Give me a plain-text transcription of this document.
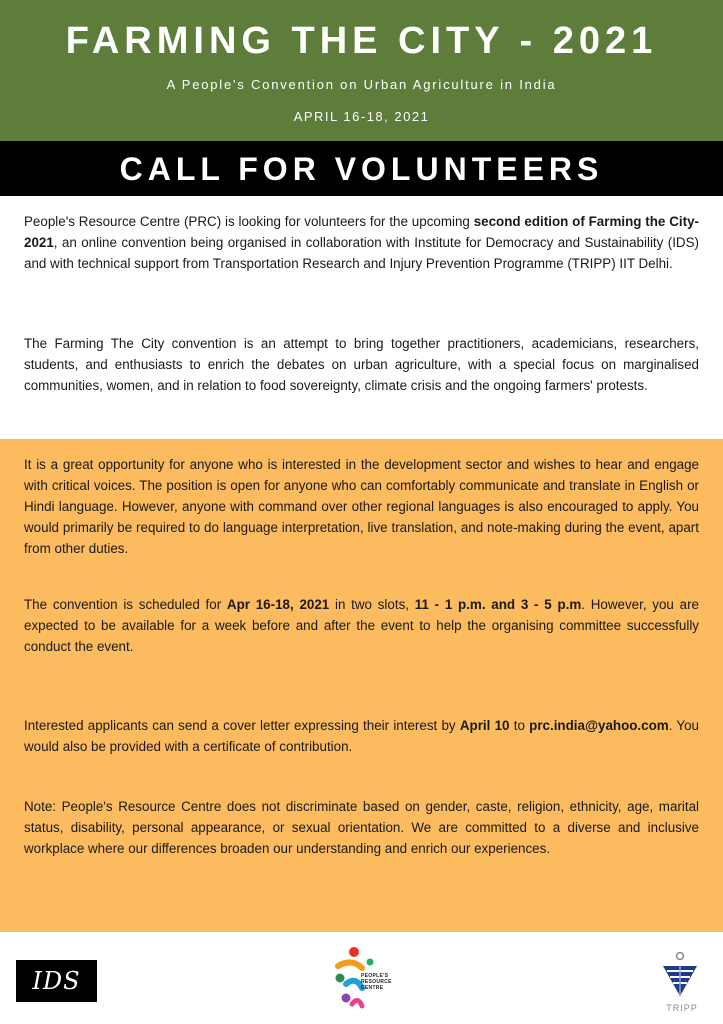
FARMING THE CITY - 2021
A People's Convention on Urban Agriculture in India
APRIL 16-18, 2021
CALL FOR VOLUNTEERS

People's Resource Centre (PRC) is looking for volunteers for the upcoming second edition of Farming the City- 2021, an online convention being organised in collaboration with Institute for Democracy and Sustainability (IDS) and with technical support from Transportation Research and Injury Prevention Programme (TRIPP) IIT Delhi.

The Farming The City convention is an attempt to bring together practitioners, academicians, researchers, students, and enthusiasts to enrich the debates on urban agriculture, with a special focus on marginalised communities, women, and in relation to food sovereignty, climate crisis and the ongoing farmers' protests.

It is a great opportunity for anyone who is interested in the development sector and wishes to hear and engage with critical voices. The position is open for anyone who can comfortably communicate and translate in English or Hindi language. However, anyone with command over other regional languages is also encouraged to apply. You would primarily be required to do language interpretation, live translation, and note-making during the event, apart from other duties.

The convention is scheduled for Apr 16-18, 2021 in two slots, 11 - 1 p.m. and 3 - 5 p.m. However, you are expected to be available for a week before and after the event to help the organising committee successfully conduct the event.

Interested applicants can send a cover letter expressing their interest by April 10 to prc.india@yahoo.com. You would also be provided with a certificate of contribution.

Note: People's Resource Centre does not discriminate based on gender, caste, religion, ethnicity, age, marital status, disability, personal appearance, or sexual orientation. We are committed to a diverse and inclusive workplace where our differences broaden our understanding and enrich our experiences.

IDS	PEOPLE'S
RESOURCE
CENTRE
TRIPP
